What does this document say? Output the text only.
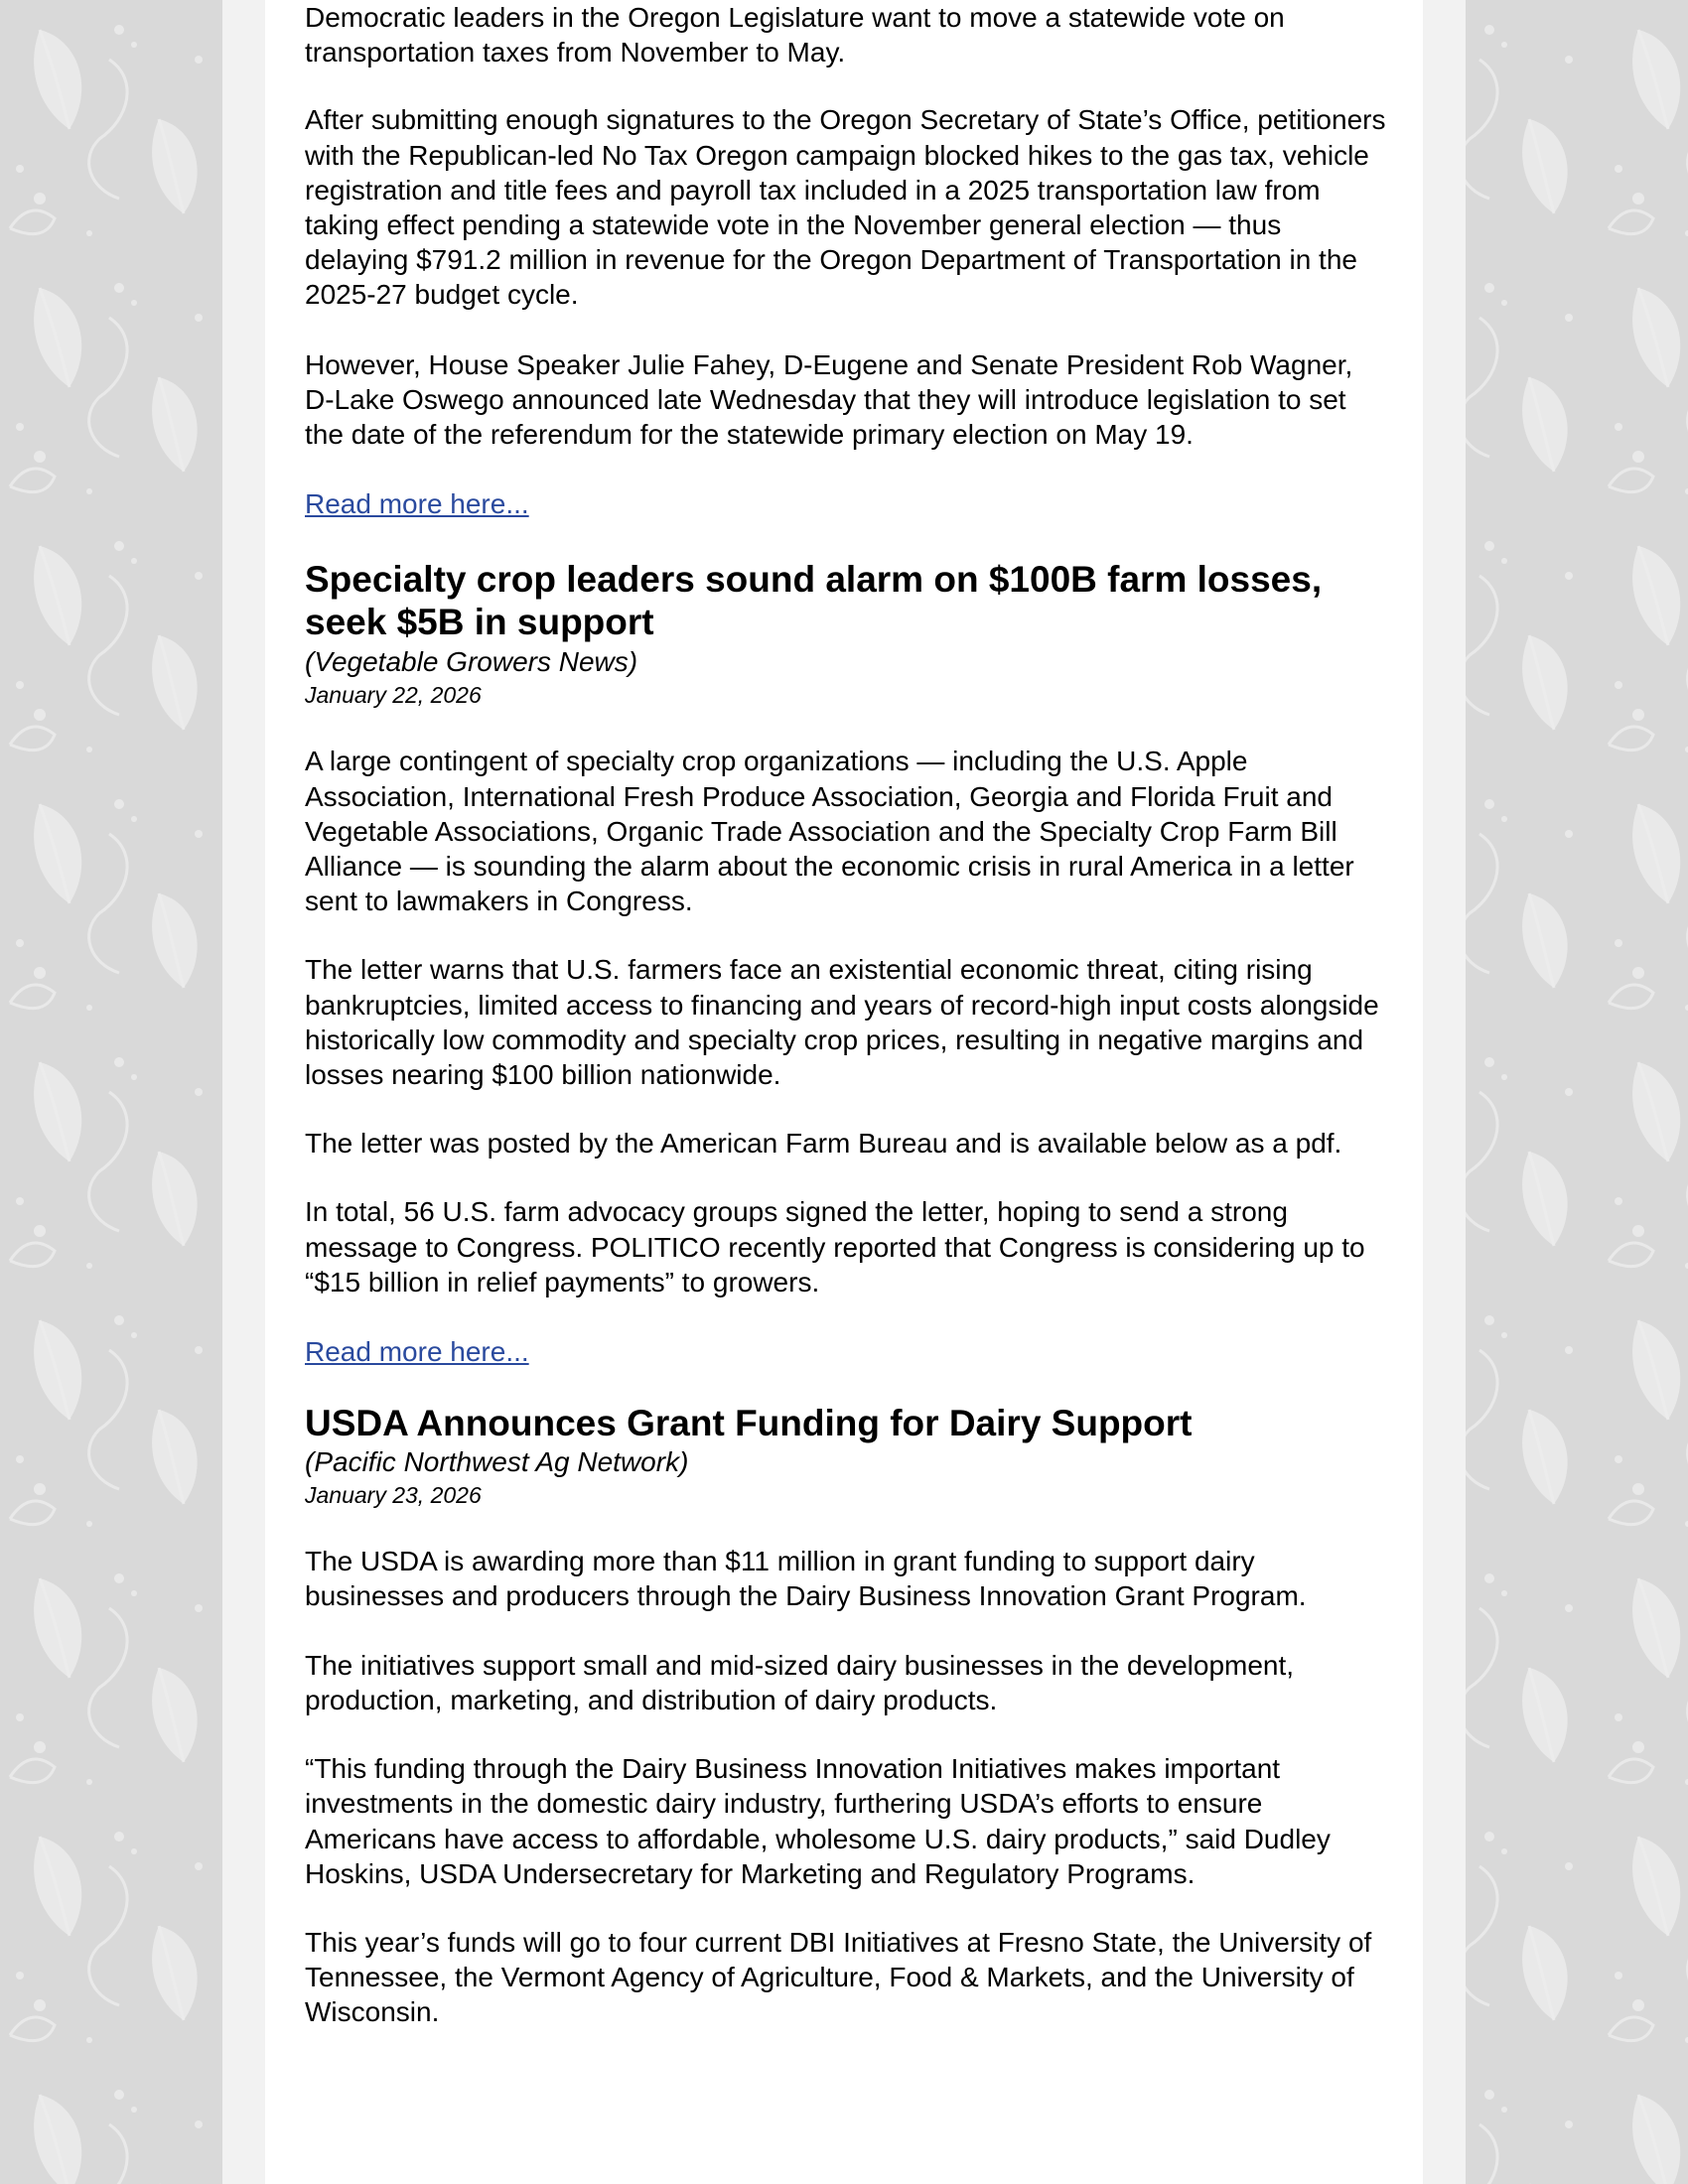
Democratic leaders in the Oregon Legislature want to move a statewide vote on transportation taxes from November to May.

After submitting enough signatures to the Oregon Secretary of State’s Office, petitioners with the Republican-led No Tax Oregon campaign blocked hikes to the gas tax, vehicle registration and title fees and payroll tax included in a 2025 transportation law from taking effect pending a statewide vote in the November general election — thus delaying $791.2 million in revenue for the Oregon Department of Transportation in the 2025-27 budget cycle.

However, House Speaker Julie Fahey, D-Eugene and Senate President Rob Wagner, D-Lake Oswego announced late Wednesday that they will introduce legislation to set the date of the referendum for the statewide primary election on May 19.

Read more here...
Specialty crop leaders sound alarm on $100B farm losses, seek $5B in support

(Vegetable Growers News)

January 22, 2026

A large contingent of specialty crop organizations — including the U.S. Apple Association, International Fresh Produce Association, Georgia and Florida Fruit and Vegetable Associations, Organic Trade Association and the Specialty Crop Farm Bill Alliance — is sounding the alarm about the economic crisis in rural America in a letter sent to lawmakers in Congress.

The letter warns that U.S. farmers face an existential economic threat, citing rising bankruptcies, limited access to financing and years of record-high input costs alongside historically low commodity and specialty crop prices, resulting in negative margins and losses nearing $100 billion nationwide.

The letter was posted by the American Farm Bureau and is available below as a pdf.

In total, 56 U.S. farm advocacy groups signed the letter, hoping to send a strong message to Congress. POLITICO recently reported that Congress is considering up to “$15 billion in relief payments” to growers.

Read more here...
USDA Announces Grant Funding for Dairy Support

(Pacific Northwest Ag Network)

January 23, 2026

The USDA is awarding more than $11 million in grant funding to support dairy businesses and producers through the Dairy Business Innovation Grant Program.

The initiatives support small and mid-sized dairy businesses in the development, production, marketing, and distribution of dairy products.

“This funding through the Dairy Business Innovation Initiatives makes important investments in the domestic dairy industry, furthering USDA’s efforts to ensure Americans have access to affordable, wholesome U.S. dairy products,” said Dudley Hoskins, USDA Undersecretary for Marketing and Regulatory Programs.

This year’s funds will go to four current DBI Initiatives at Fresno State, the University of Tennessee, the Vermont Agency of Agriculture, Food & Markets, and the University of Wisconsin.
